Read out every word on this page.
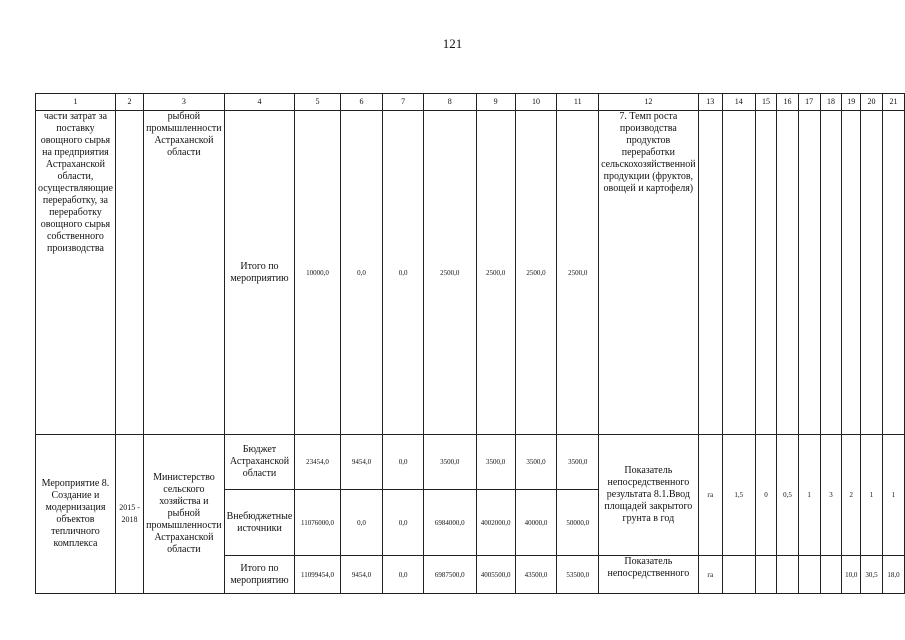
121
1	2	3	4	5	6	7	8	9	10	11	12	13	14	15	16	17	18	19	20	21
части затрат за поставку овощного сырья на предприятия Астраханской области, осуществляющие переработку, за переработку овощного сырья собственного производства		рыбной промышленности Астраханской области	Итого по мероприятию	10000,0	0,0	0,0	2500,0	2500,0	2500,0	2500,0	7. Темп роста производства продуктов переработки сельскохозяйственной продукции (фруктов, овощей и картофеля)									
Мероприятие 8. Создание и модернизация объектов тепличного комплекса	2015 - 2018	Министерство сельского хозяйства и рыбной промышленности Астраханской области	Бюджет Астраханской области	23454,0	9454,0	0,0	3500,0	3500,0	3500,0	3500,0	Показатель непосредственного результата 8.1.Ввод площадей закрытого грунта в год	га	1,5	0	0,5	1	3	2	1	1
			Внебюджетные источники	11076000,0	0,0	0,0	6984000,0	4002000,0	40000,0	50000,0										
			Итого по мероприятию	11099454,0	9454,0	0,0	6987500,0	4005500,0	43500,0	53500,0	Показатель непосредственного	га						10,0	30,5	18,0
